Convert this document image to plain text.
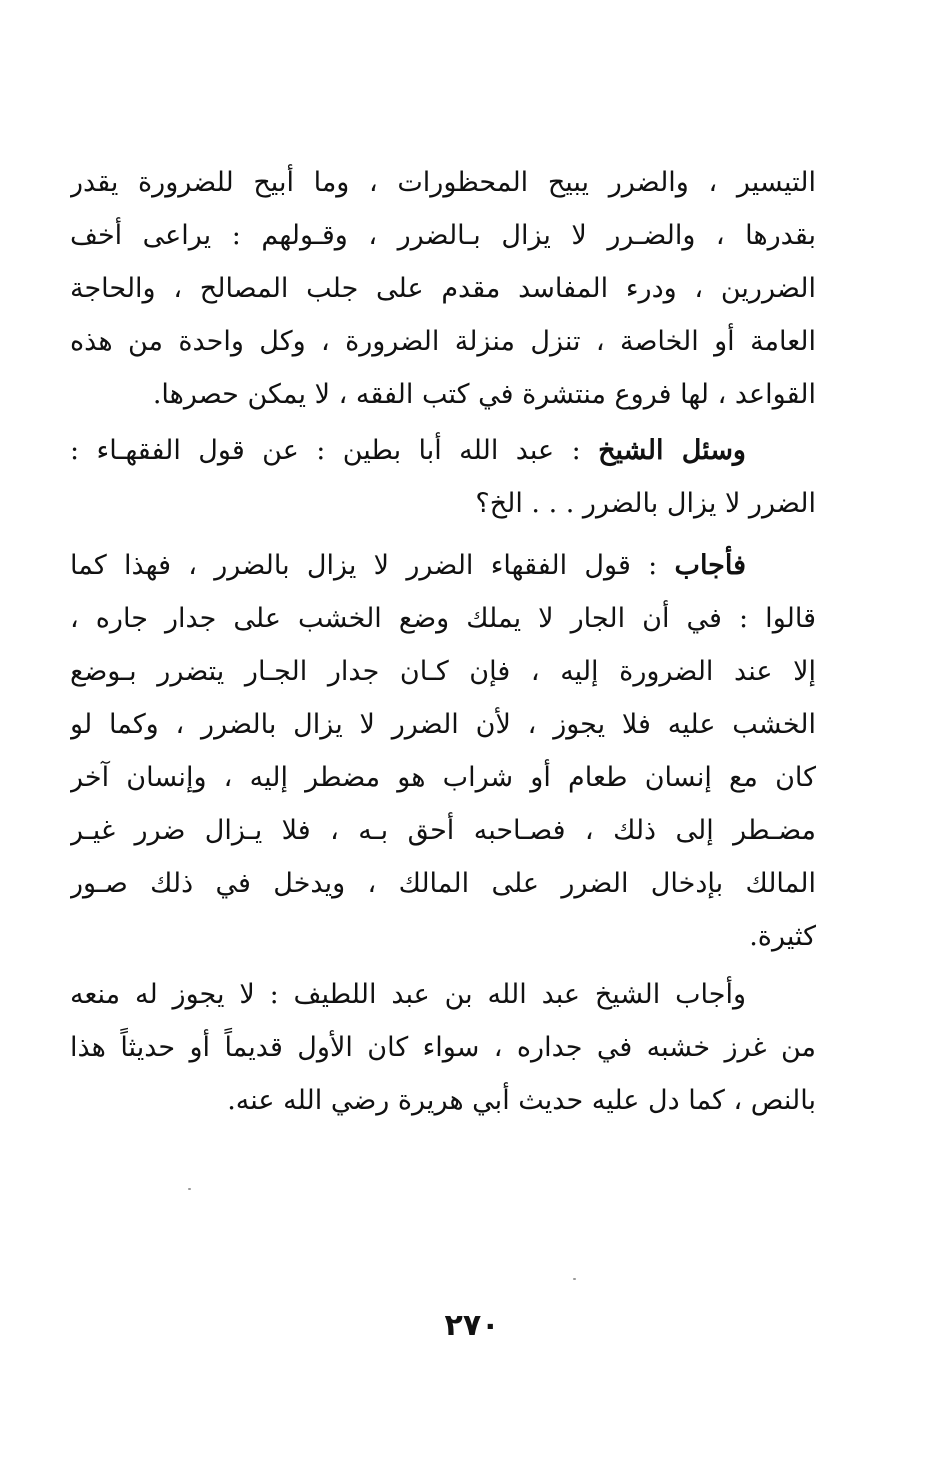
التيسير ، والضرر يبيح المحظورات ، وما أبيح للضرورة يقدر
بقدرها ، والضـرر لا يزال بـالضرر ، وقـولهم : يراعى أخف
الضررين ، ودرء المفاسد مقدم على جلب المصالح ، والحاجة
العامة أو الخاصة ، تنزل منزلة الضرورة ، وكل واحدة من هذه
القواعد ، لها فروع منتشرة في كتب الفقه ، لا يمكن حصرها.
وسئل الشيخ : عبد الله أبا بطين : عن قول الفقهـاء :
الضرر لا يزال بالضرر . . . الخ؟
فأجاب : قول الفقهاء الضرر لا يزال بالضرر ، فهذا كما
قالوا : في أن الجار لا يملك وضع الخشب على جدار جاره ،
إلا عند الضرورة إليه ، فإن كـان جدار الجـار يتضرر بـوضع
الخشب عليه فلا يجوز ، لأن الضرر لا يزال بالضرر ، وكما لو
كان مع إنسان طعام أو شراب هو مضطر إليه ، وإنسان آخر
مضـطر إلى ذلك ، فصـاحبه أحق بـه ، فلا يـزال ضرر غيـر
المالك بإدخال الضرر على المالك ، ويدخل في ذلك صـور
كثيرة.
وأجاب الشيخ عبد الله بن عبد اللطيف : لا يجوز له منعه
من غرز خشبه في جداره ، سواء كان الأول قديماً أو حديثاً هذا
بالنص ، كما دل عليه حديث أبي هريرة رضي الله عنه.
٢٧٠
